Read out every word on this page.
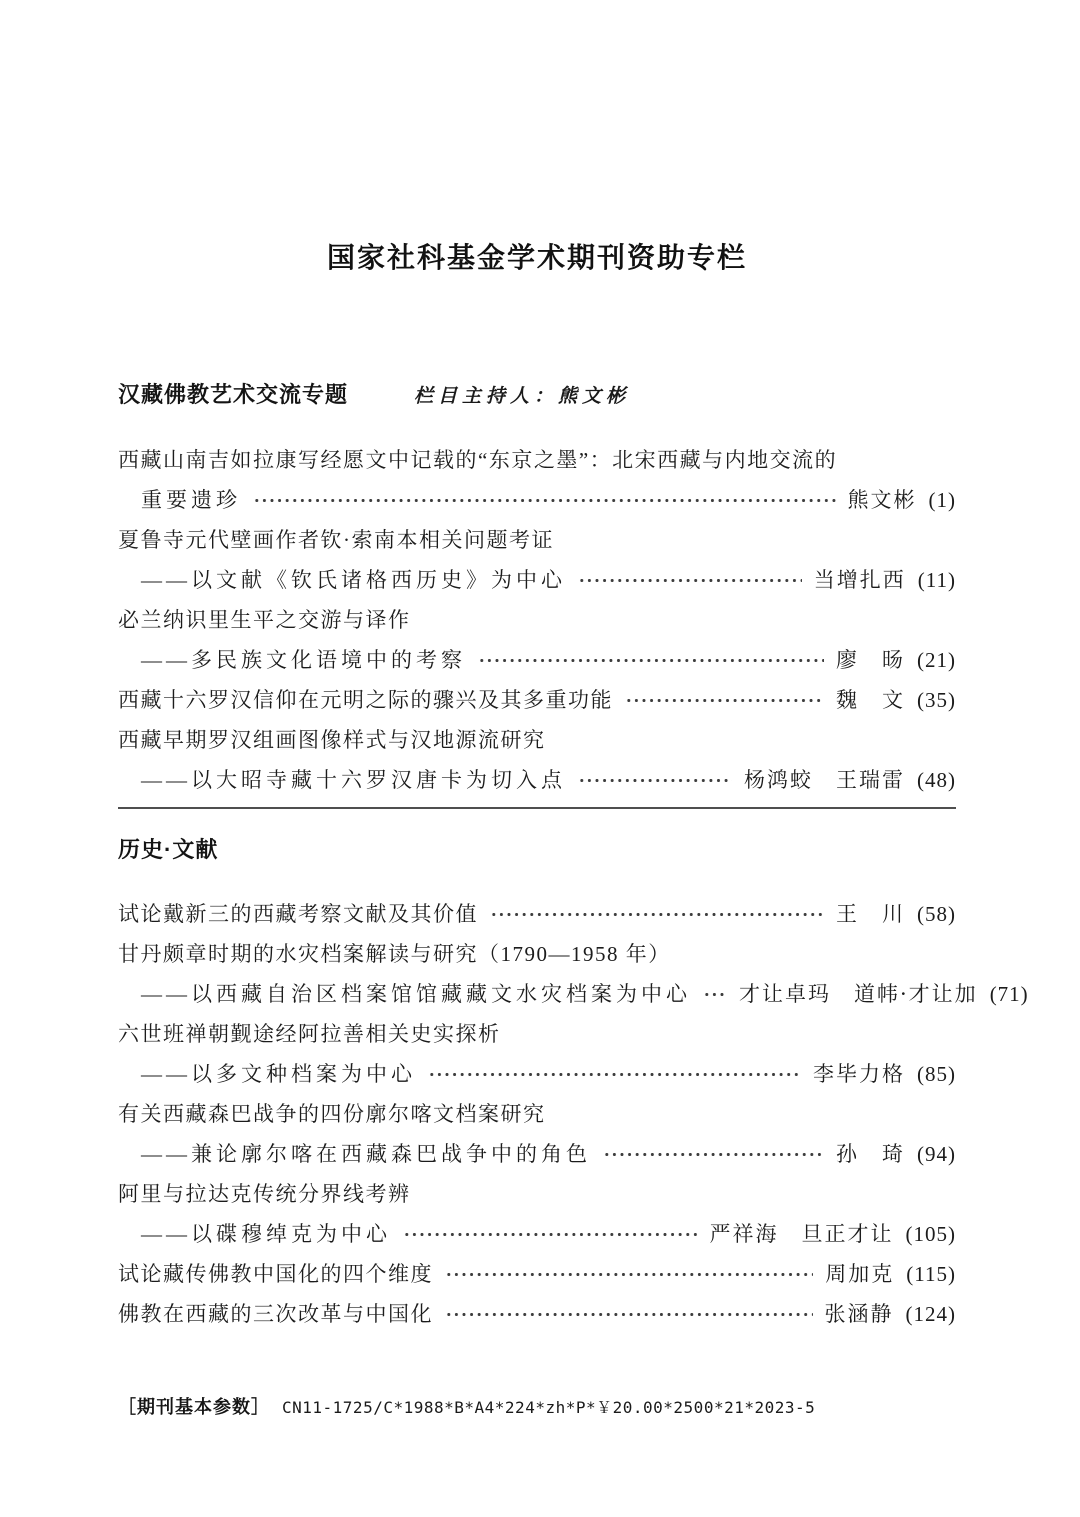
国家社科基金学术期刊资助专栏
汉藏佛教艺术交流专题	栏目主持人：熊文彬
西藏山南吉如拉康写经愿文中记载的“东京之墨”：北宋西藏与内地交流的
重要遗珍	熊文彬 (1)
夏鲁寺元代壁画作者钦·索南本相关问题考证
——以文献《钦氏诸格西历史》为中心	当增扎西 (11)
必兰纳识里生平之交游与译作
——多民族文化语境中的考察	廖　旸 (21)
西藏十六罗汉信仰在元明之际的骤兴及其多重功能	魏　文 (35)
西藏早期罗汉组画图像样式与汉地源流研究
——以大昭寺藏十六罗汉唐卡为切入点	杨鸿蛟　王瑞雷 (48)
历史·文献
试论戴新三的西藏考察文献及其价值	王　川 (58)
甘丹颇章时期的水灾档案解读与研究（1790—1958 年）
——以西藏自治区档案馆馆藏藏文水灾档案为中心 才让卓玛　道帏·才让加 (71)
六世班禅朝觐途经阿拉善相关史实探析
——以多文种档案为中心	李毕力格 (85)
有关西藏森巴战争的四份廓尔喀文档案研究
——兼论廓尔喀在西藏森巴战争中的角色	孙　琦 (94)
阿里与拉达克传统分界线考辨
——以碟穆绰克为中心	严祥海　旦正才让 (105)
试论藏传佛教中国化的四个维度	周加克 (115)
佛教在西藏的三次改革与中国化	张涵静 (124)
［期刊基本参数］ CN11-1725/C*1988*B*A4*224*zh*P*￥20.00*2500*21*2023-5
